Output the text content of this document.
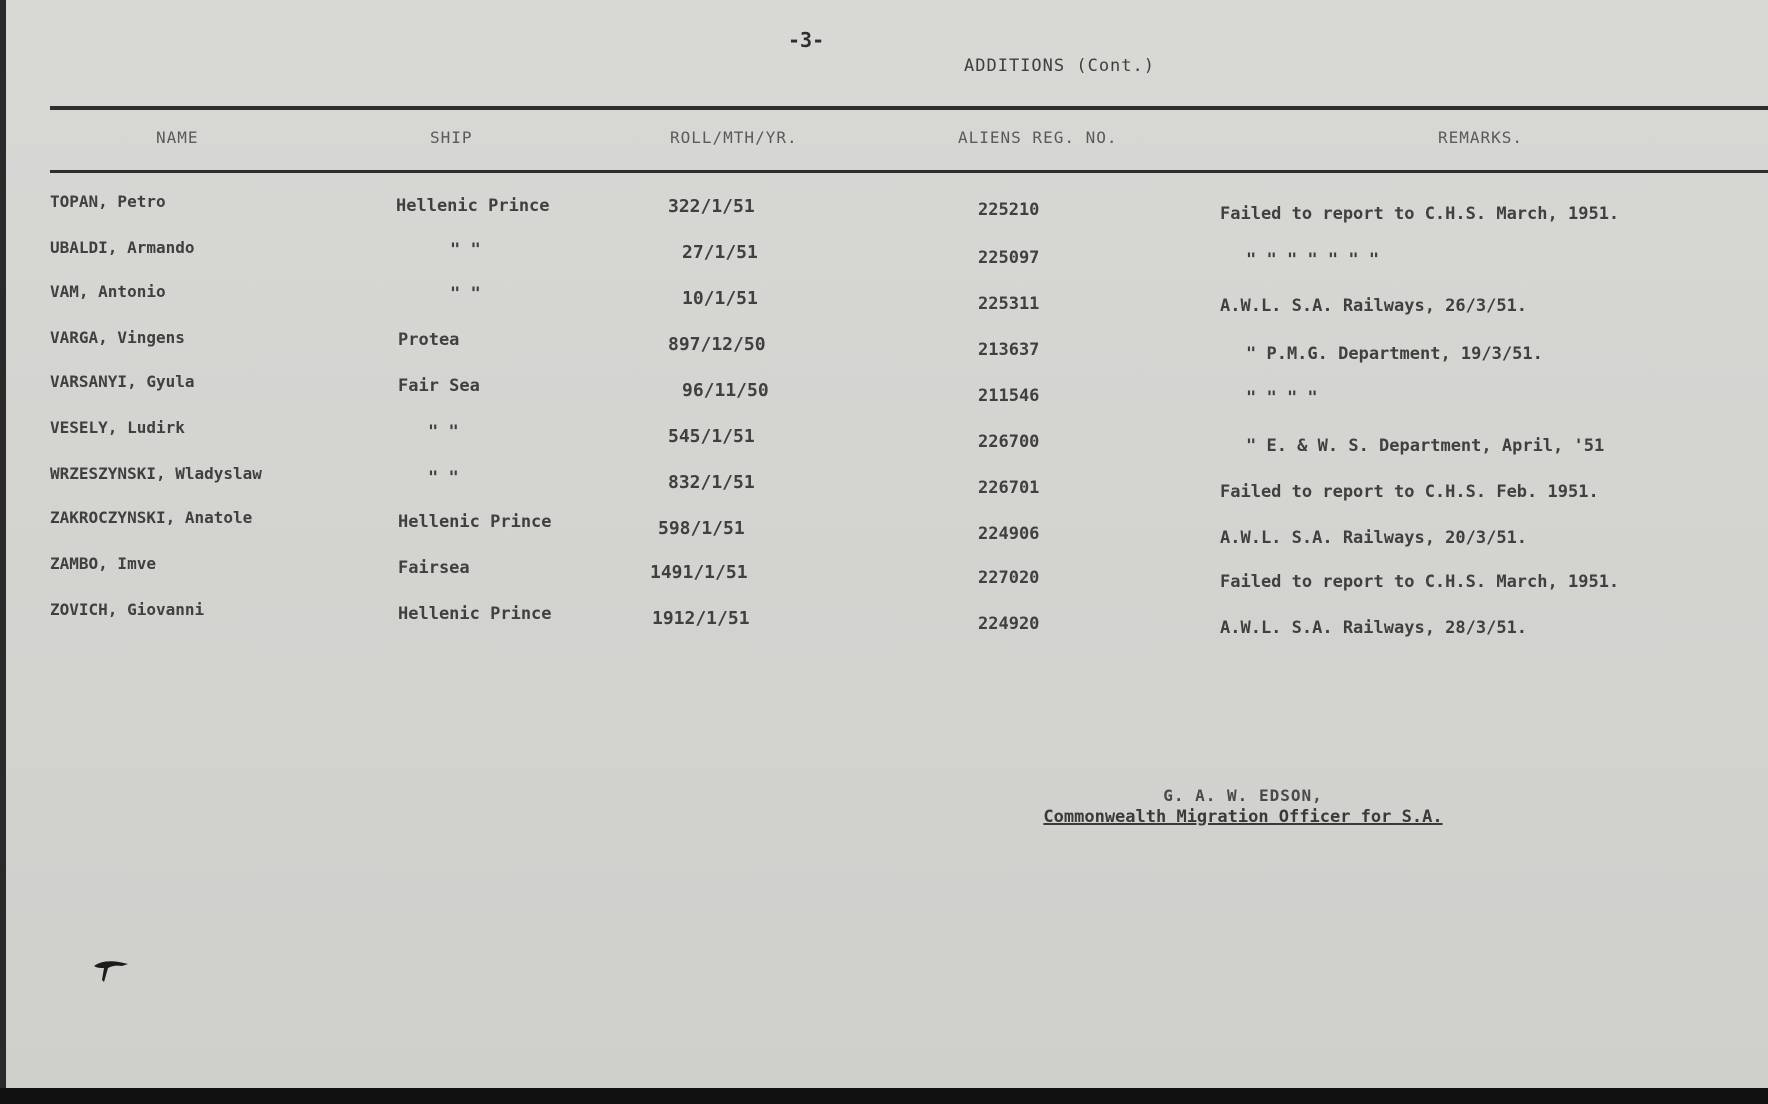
-3-
ADDITIONS (Cont.)
NAME	SHIP	ROLL/MTH/YR.	ALIENS REG. NO.	REMARKS.
TOPAN, Petro	Hellenic Prince	322/1/51	225210	Failed to report to C.H.S. March, 1951.
UBALDI, Armando	" "	27/1/51	225097	" " " " " " "
VAM, Antonio	" "	10/1/51	225311	A.W.L. S.A. Railways, 26/3/51.
VARGA, Vingens	Protea	897/12/50	213637	" P.M.G. Department, 19/3/51.
VARSANYI, Gyula	Fair Sea	96/11/50	211546	" " " "
VESELY, Ludirk	" "	545/1/51	226700	" E. & W. S. Department, April, '51
WRZESZYNSKI, Wladyslaw	" "	832/1/51	226701	Failed to report to C.H.S. Feb. 1951.
ZAKROCZYNSKI, Anatole	Hellenic Prince	598/1/51	224906	A.W.L. S.A. Railways, 20/3/51.
ZAMBO, Imve	Fairsea	1491/1/51	227020	Failed to report to C.H.S. March, 1951.
ZOVICH, Giovanni	Hellenic Prince	1912/1/51	224920	A.W.L. S.A. Railways, 28/3/51.
G. A. W. EDSON,
Commonwealth Migration Officer for S.A.
